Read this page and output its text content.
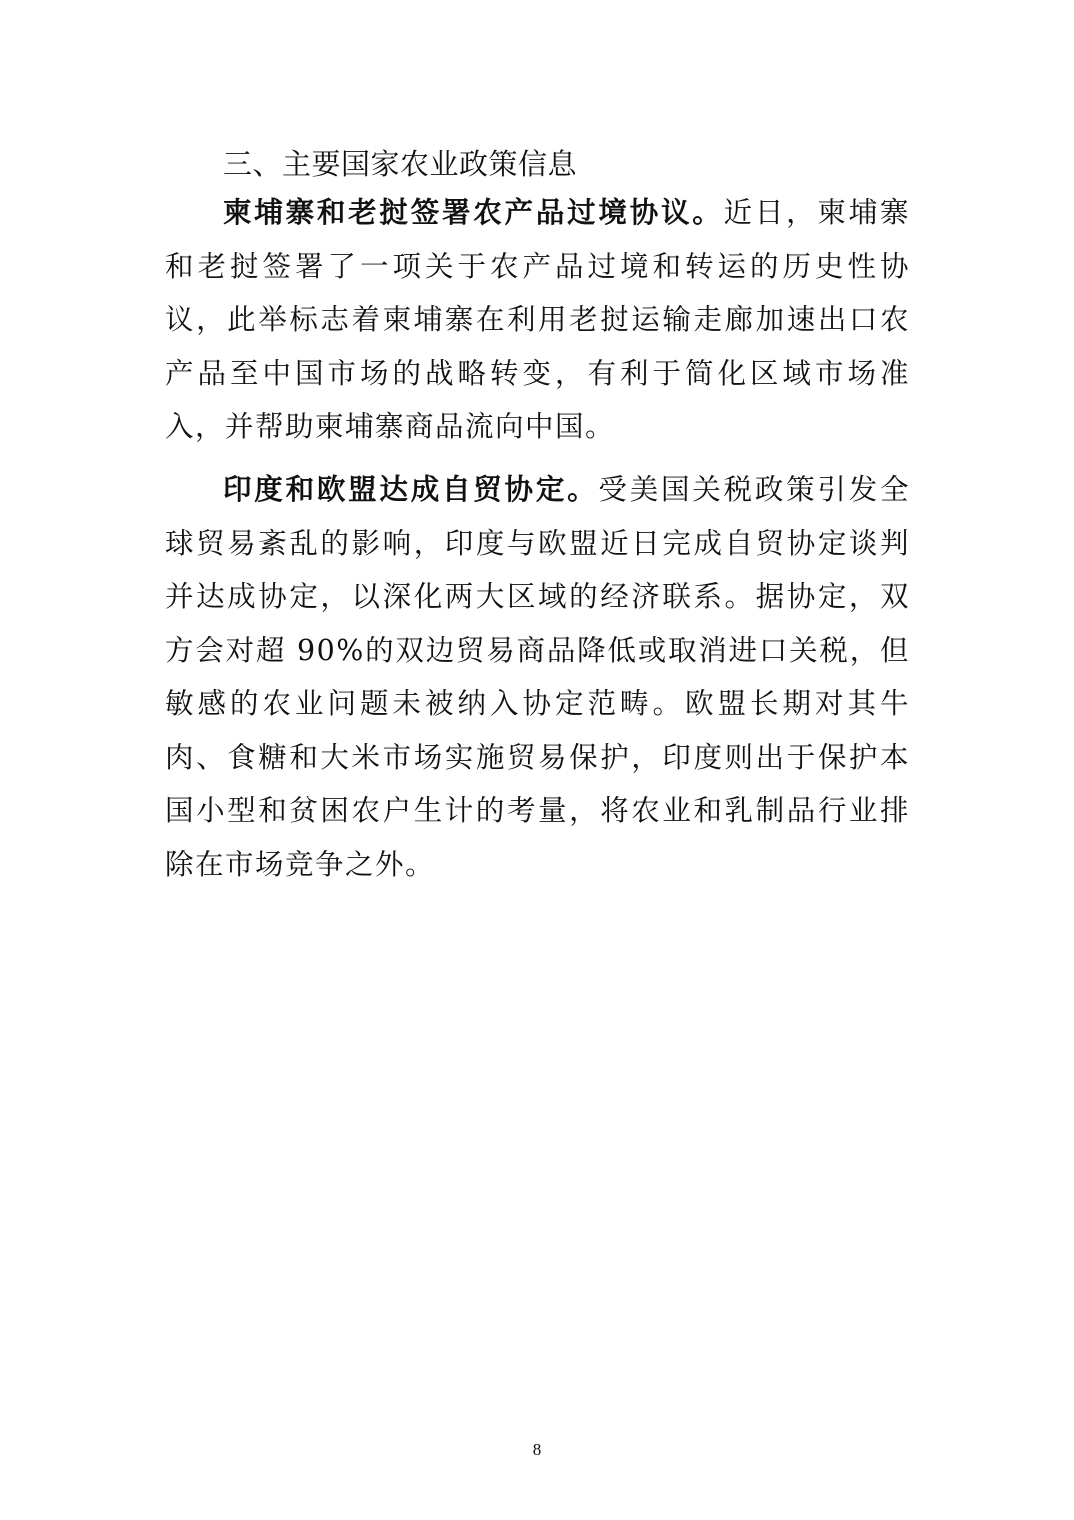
三、主要国家农业政策信息

柬埔寨和老挝签署农产品过境协议。近日，柬埔寨和老挝签署了一项关于农产品过境和转运的历史性协议，此举标志着柬埔寨在利用老挝运输走廊加速出口农产品至中国市场的战略转变，有利于简化区域市场准入，并帮助柬埔寨商品流向中国。

印度和欧盟达成自贸协定。受美国关税政策引发全球贸易紊乱的影响，印度与欧盟近日完成自贸协定谈判并达成协定，以深化两大区域的经济联系。据协定，双方会对超 90%的双边贸易商品降低或取消进口关税，但敏感的农业问题未被纳入协定范畴。欧盟长期对其牛肉、食糖和大米市场实施贸易保护，印度则出于保护本国小型和贫困农户生计的考量，将农业和乳制品行业排除在市场竞争之外。

8
